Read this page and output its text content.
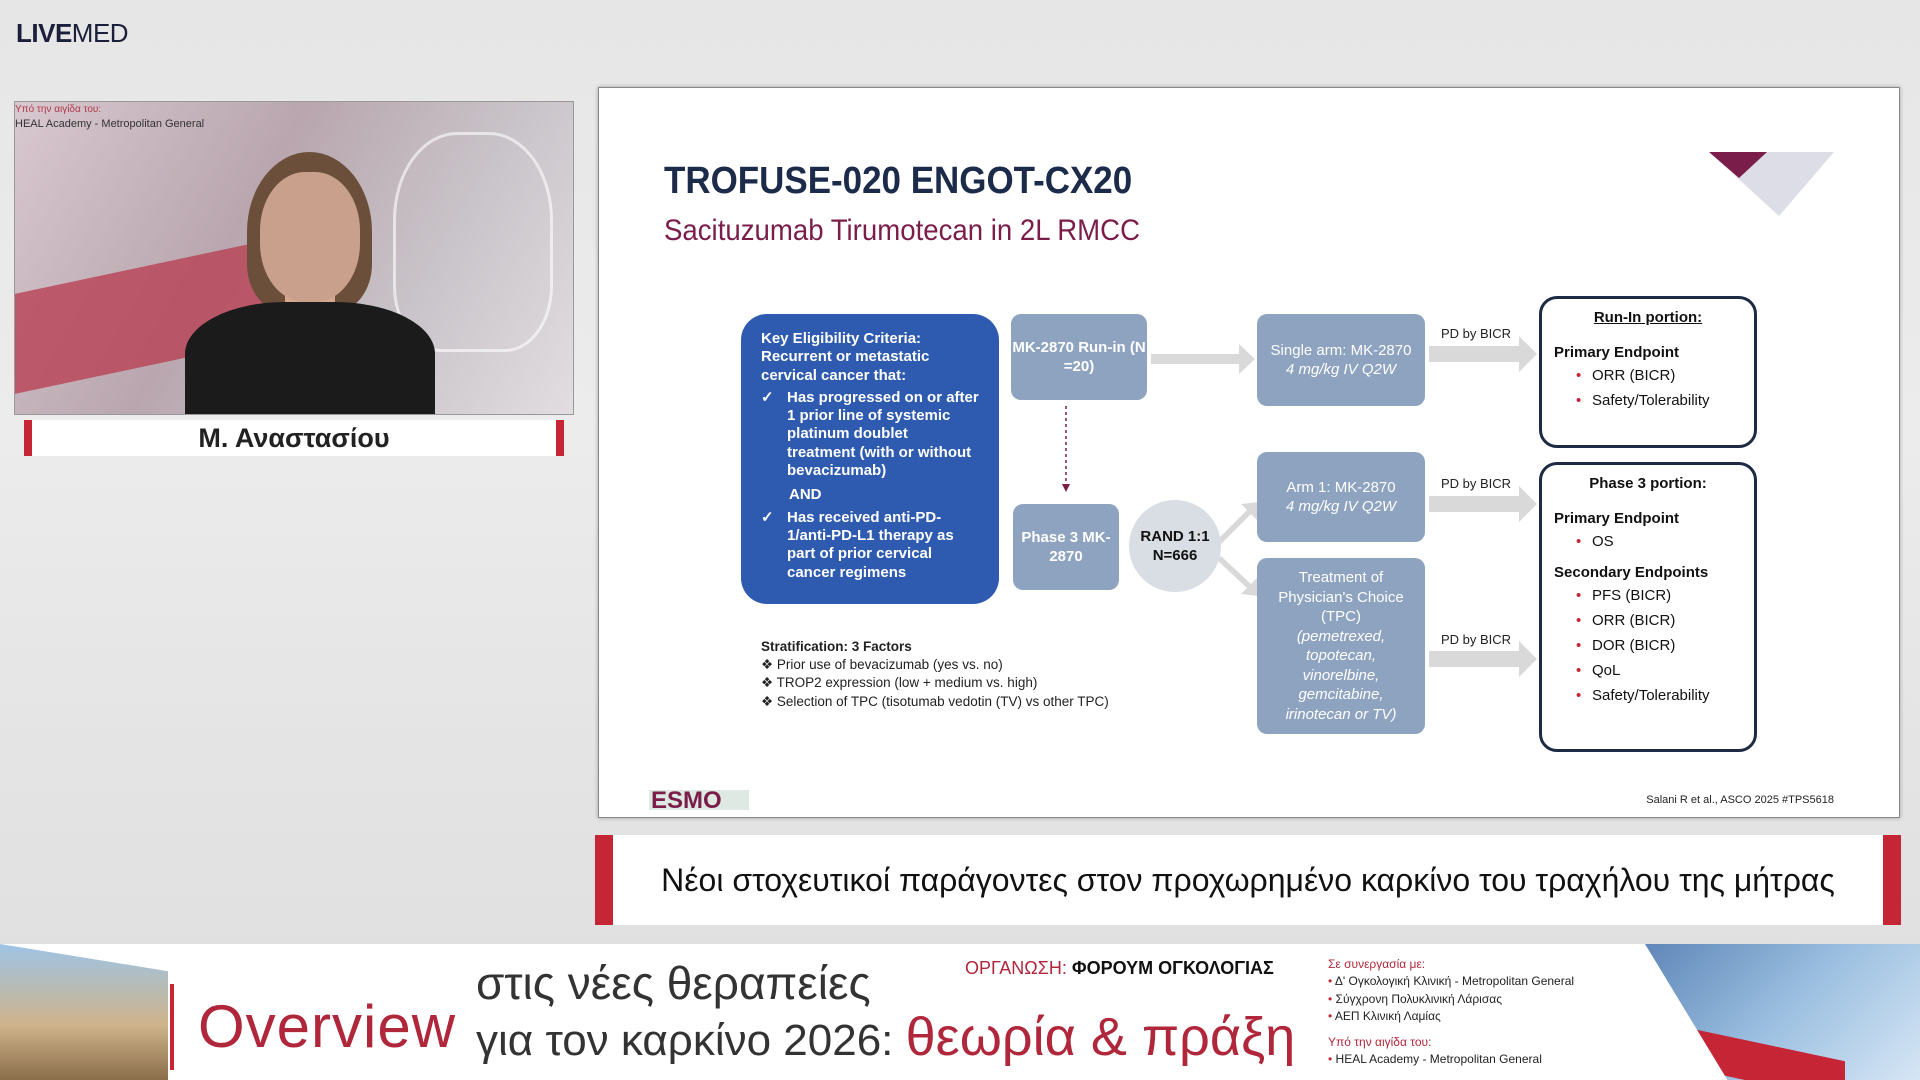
LIVEMED
Υπό την αιγίδα του:
HEAL Academy - Metropolitan General
Μ. Αναστασίου
TROFUSE-020 ENGOT-CX20
Sacituzumab Tirumotecan in 2L RMCC
Key Eligibility Criteria:
Recurrent or metastatic cervical cancer that:
✓ Has progressed on or after 1 prior line of systemic platinum doublet treatment (with or without bevacizumab)
AND
✓ Has received anti-PD-1/anti-PD-L1 therapy as part of prior cervical cancer regimens
MK-2870 Run-in (N =20)
Phase 3 MK-2870
RAND 1:1 N=666
Single arm: MK-2870
4 mg/kg IV Q2W
Arm 1: MK-2870
4 mg/kg IV Q2W
Treatment of Physician's Choice (TPC)
(pemetrexed, topotecan, vinorelbine, gemcitabine, irinotecan or TV)
PD by BICR
PD by BICR
PD by BICR
Run-In portion:
Primary Endpoint
• ORR (BICR)
• Safety/Tolerability
Phase 3 portion:
Primary Endpoint
• OS
Secondary Endpoints
• PFS (BICR)
• ORR (BICR)
• DOR (BICR)
• QoL
• Safety/Tolerability
Stratification: 3 Factors
❖ Prior use of bevacizumab (yes vs. no)
❖ TROP2 expression (low + medium vs. high)
❖ Selection of TPC (tisotumab vedotin (TV) vs other TPC)
ESMO	Salani R et al., ASCO 2025 #TPS5618
Νέοι στοχευτικοί παράγοντες στον προχωρημένο καρκίνο του τραχήλου της μήτρας
Overview
στις νέες θεραπείες
για τον καρκίνο 2026: θεωρία & πράξη
ΟΡΓΑΝΩΣΗ: ΦΟΡΟΥΜ ΟΓΚΟΛΟΓΙΑΣ	Σε συνεργασία με:
• Δ' Ογκολογική Κλινική - Metropolitan General
• Σύγχρονη Πολυκλινική Λάρισας
• ΑΕΠ Κλινική Λαμίας
Υπό την αιγίδα του:
• HEAL Academy - Metropolitan General
